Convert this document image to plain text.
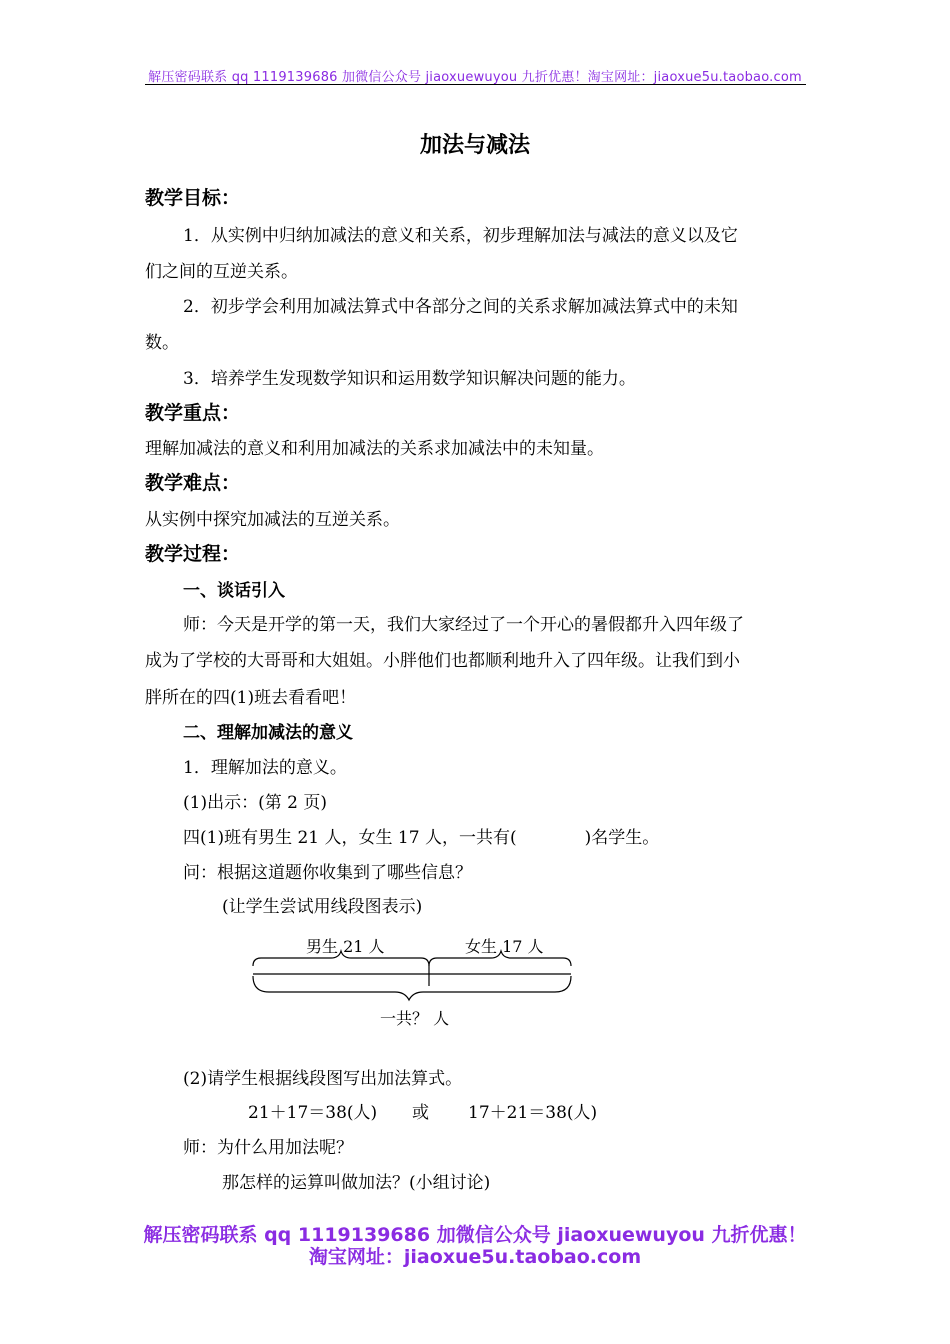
解压密码联系 qq 1119139686 加微信公众号 jiaoxuewuyou 九折优惠！淘宝网址：jiaoxue5u.taobao.com
加法与减法
教学目标：
1．从实例中归纳加减法的意义和关系，初步理解加法与减法的意义以及它
们之间的互逆关系。
2．初步学会利用加减法算式中各部分之间的关系求解加减法算式中的未知
数。
3．培养学生发现数学知识和运用数学知识解决问题的能力。
教学重点：
理解加减法的意义和利用加减法的关系求加减法中的未知量。
教学难点：
从实例中探究加减法的互逆关系。
教学过程：
一、谈话引入
师：今天是开学的第一天，我们大家经过了一个开心的暑假都升入四年级了
成为了学校的大哥哥和大姐姐。小胖他们也都顺利地升入了四年级。让我们到小
胖所在的四(1)班去看看吧！
二、理解加减法的意义
1．理解加法的意义。
(1)出示：(第 2 页)
四(1)班有男生 21 人，女生 17 人，一共有(　　　　)名学生。
问：根据这道题你收集到了哪些信息？
(让学生尝试用线段图表示)
男生 21 人	女生 17 人
一共？ 人
(2)请学生根据线段图写出加法算式。
21＋17＝38(人) 或 17＋21＝38(人)
师：为什么用加法呢？
那怎样的运算叫做加法？(小组讨论)
解压密码联系 qq 1119139686 加微信公众号 jiaoxuewuyou 九折优惠！
淘宝网址：jiaoxue5u.taobao.com
